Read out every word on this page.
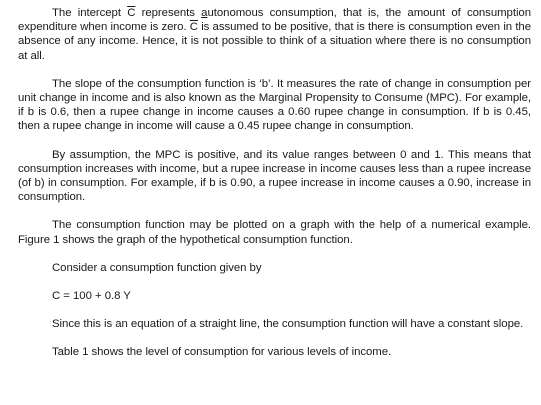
The intercept $\overline{C}$ represents autonomous consumption, that is, the amount of consumption expenditure when income is zero. $\overline{C}$ is assumed to be positive, that is there is consumption even in the absence of any income. Hence, it is not possible to think of a situation where there is no consumption at all.

The slope of the consumption function is ‘b’. It measures the rate of change in consumption per unit change in income and is also known as the Marginal Propensity to Consume (MPC). For example, if b is 0.6, then a rupee change in income causes a 0.60 rupee change in consumption. If b is 0.45, then a rupee change in income will cause a 0.45 rupee change in consumption.

By assumption, the MPC is positive, and its value ranges between 0 and 1. This means that consumption increases with income, but a rupee increase in income causes less than a rupee increase (of b) in consumption. For example, if b is 0.90, a rupee increase in income causes a 0.90, increase in consumption.

The consumption function may be plotted on a graph with the help of a numerical example. Figure 1 shows the graph of the hypothetical consumption function.

Consider a consumption function given by

C = 100 + 0.8 Y

Since this is an equation of a straight line, the consumption function will have a constant slope.

Table 1 shows the level of consumption for various levels of income.
